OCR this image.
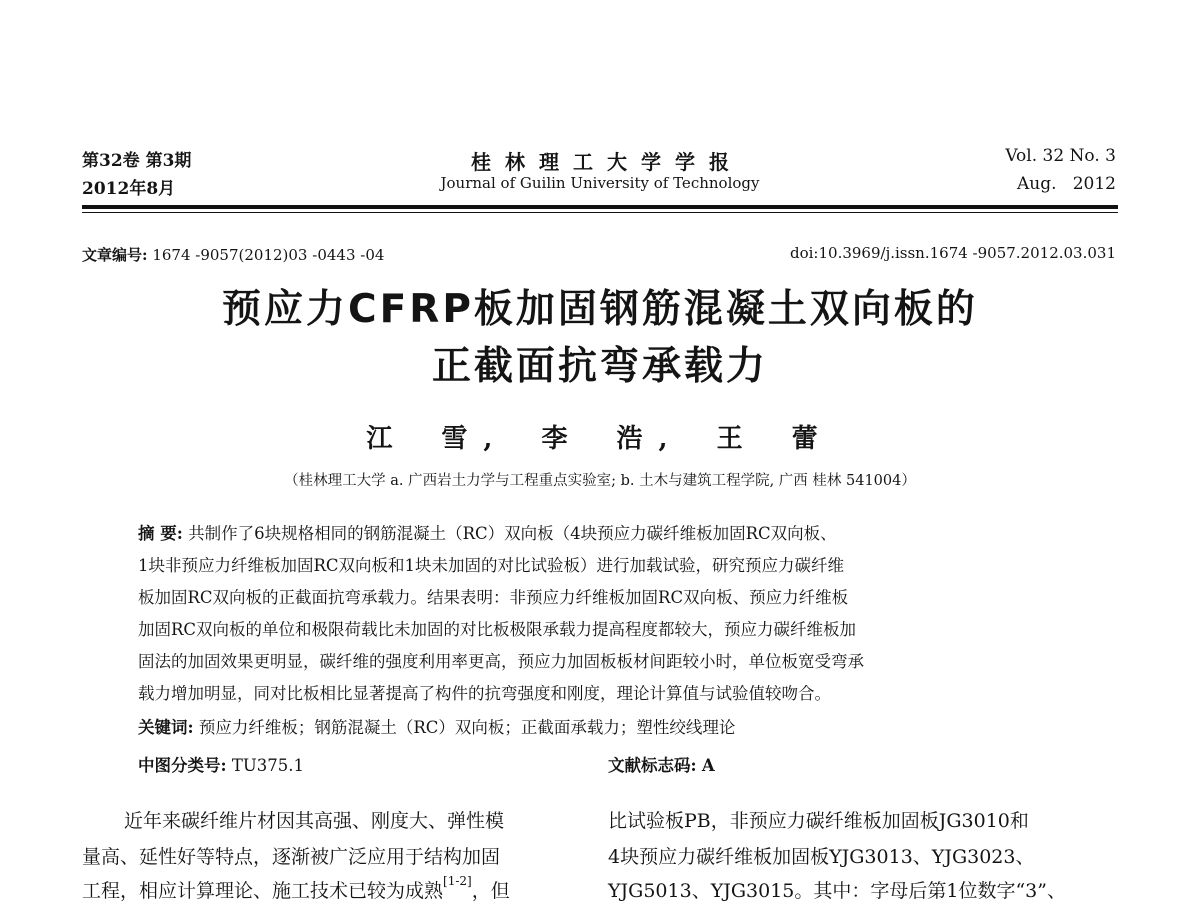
第32卷 第3期
2012年8月
桂林理工大学学报
Journal of Guilin University of Technology
Vol. 32 No. 3
Aug.   2012
文章编号: 1674 -9057(2012)03 -0443 -04	doi:10.3969/j.issn.1674 -9057.2012.03.031
预应力CFRP板加固钢筋混凝土双向板的
正截面抗弯承载力
江 雪, 李 浩, 王 蕾
（桂林理工大学 a. 广西岩土力学与工程重点实验室; b. 土木与建筑工程学院, 广西 桂林 541004）
摘 要: 共制作了6块规格相同的钢筋混凝土（RC）双向板（4块预应力碳纤维板加固RC双向板、
1块非预应力纤维板加固RC双向板和1块未加固的对比试验板）进行加载试验，研究预应力碳纤维
板加固RC双向板的正截面抗弯承载力。结果表明：非预应力纤维板加固RC双向板、预应力纤维板
加固RC双向板的单位和极限荷载比未加固的对比板极限承载力提高程度都较大，预应力碳纤维板加
固法的加固效果更明显，碳纤维的强度利用率更高，预应力加固板板材间距较小时，单位板宽受弯承
载力增加明显，同对比板相比显著提高了构件的抗弯强度和刚度，理论计算值与试验值较吻合。
关键词: 预应力纤维板；钢筋混凝土（RC）双向板；正截面承载力；塑性绞线理论
中图分类号: TU375.1	文献标志码: A
近年来碳纤维片材因其高强、刚度大、弹性模
量高、延性好等特点，逐渐被广泛应用于结构加固
工程，相应计算理论、施工技术已较为成熟[1-2]，但
比试验板PB，非预应力碳纤维板加固板JG3010和
4块预应力碳纤维板加固板YJG3013、YJG3023、
YJG5013、YJG3015。其中：字母后第1位数字“3”、
